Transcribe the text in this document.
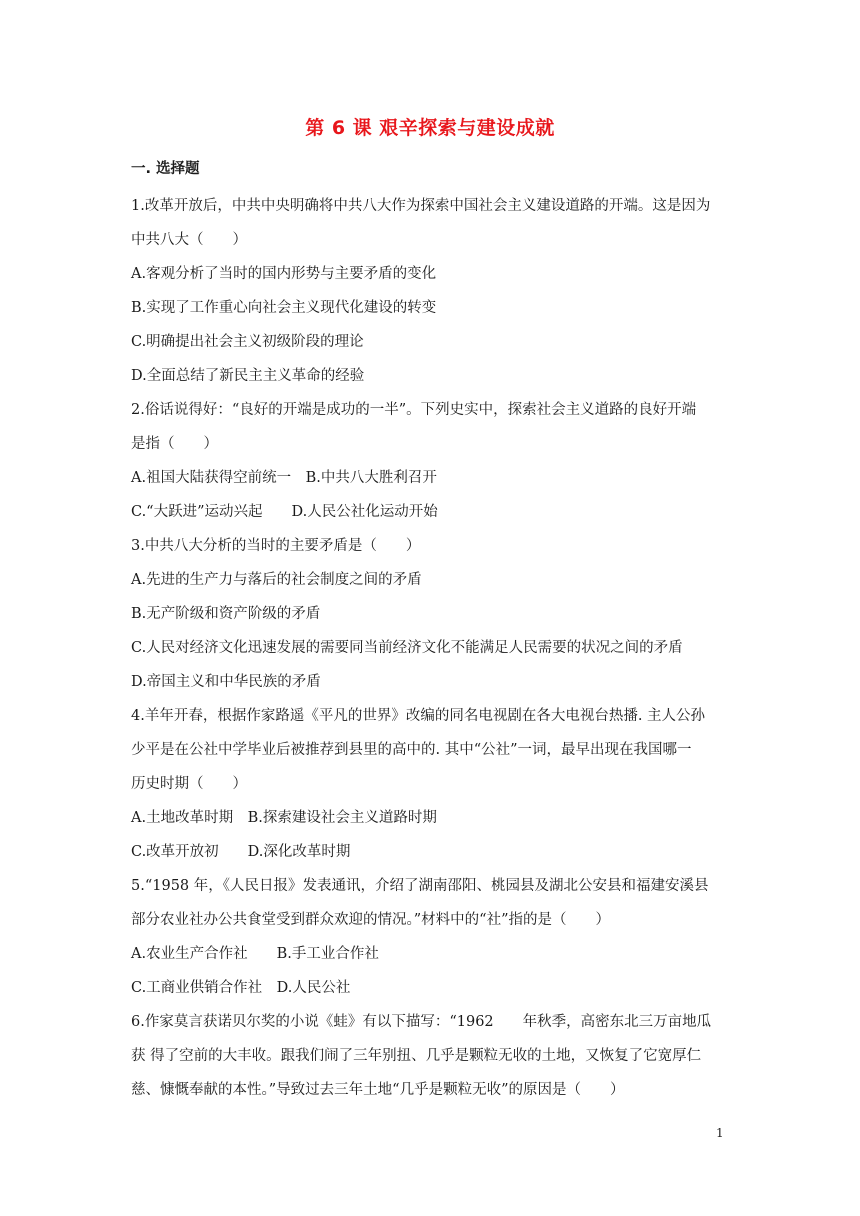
第 6 课 艰辛探索与建设成就
一. 选择题
1.改革开放后，中共中央明确将中共八大作为探索中国社会主义建设道路的开端。这是因为
中共八大（　　）
A.客观分析了当时的国内形势与主要矛盾的变化
B.实现了工作重心向社会主义现代化建设的转变
C.明确提出社会主义初级阶段的理论
D.全面总结了新民主主义革命的经验
2.俗话说得好：“良好的开端是成功的一半”。下列史实中，探索社会主义道路的良好开端
是指（　　）
A.祖国大陆获得空前统一　B.中共八大胜利召开
C.“大跃进”运动兴起　　D.人民公社化运动开始
3.中共八大分析的当时的主要矛盾是（　　）
A.先进的生产力与落后的社会制度之间的矛盾
B.无产阶级和资产阶级的矛盾
C.人民对经济文化迅速发展的需要同当前经济文化不能满足人民需要的状况之间的矛盾
D.帝国主义和中华民族的矛盾
4.羊年开春，根据作家路遥《平凡的世界》改编的同名电视剧在各大电视台热播. 主人公孙
少平是在公社中学毕业后被推荐到县里的高中的. 其中“公社”一词，最早出现在我国哪一
历史时期（　　）
A.土地改革时期　B.探索建设社会主义道路时期
C.改革开放初　　D.深化改革时期
5.“1958 年，《人民日报》发表通讯，介绍了湖南邵阳、桃园县及湖北公安县和福建安溪县
部分农业社办公共食堂受到群众欢迎的情况。”材料中的“社”指的是（　　）
A.农业生产合作社　　B.手工业合作社
C.工商业供销合作社　D.人民公社
6.作家莫言获诺贝尔奖的小说《蛙》有以下描写：“1962　　年秋季，高密东北三万亩地瓜
获 得了空前的大丰收。跟我们闹了三年别扭、几乎是颗粒无收的土地，又恢复了它宽厚仁
慈、慷慨奉献的本性。”导致过去三年土地“几乎是颗粒无收”的原因是（　　）
1
